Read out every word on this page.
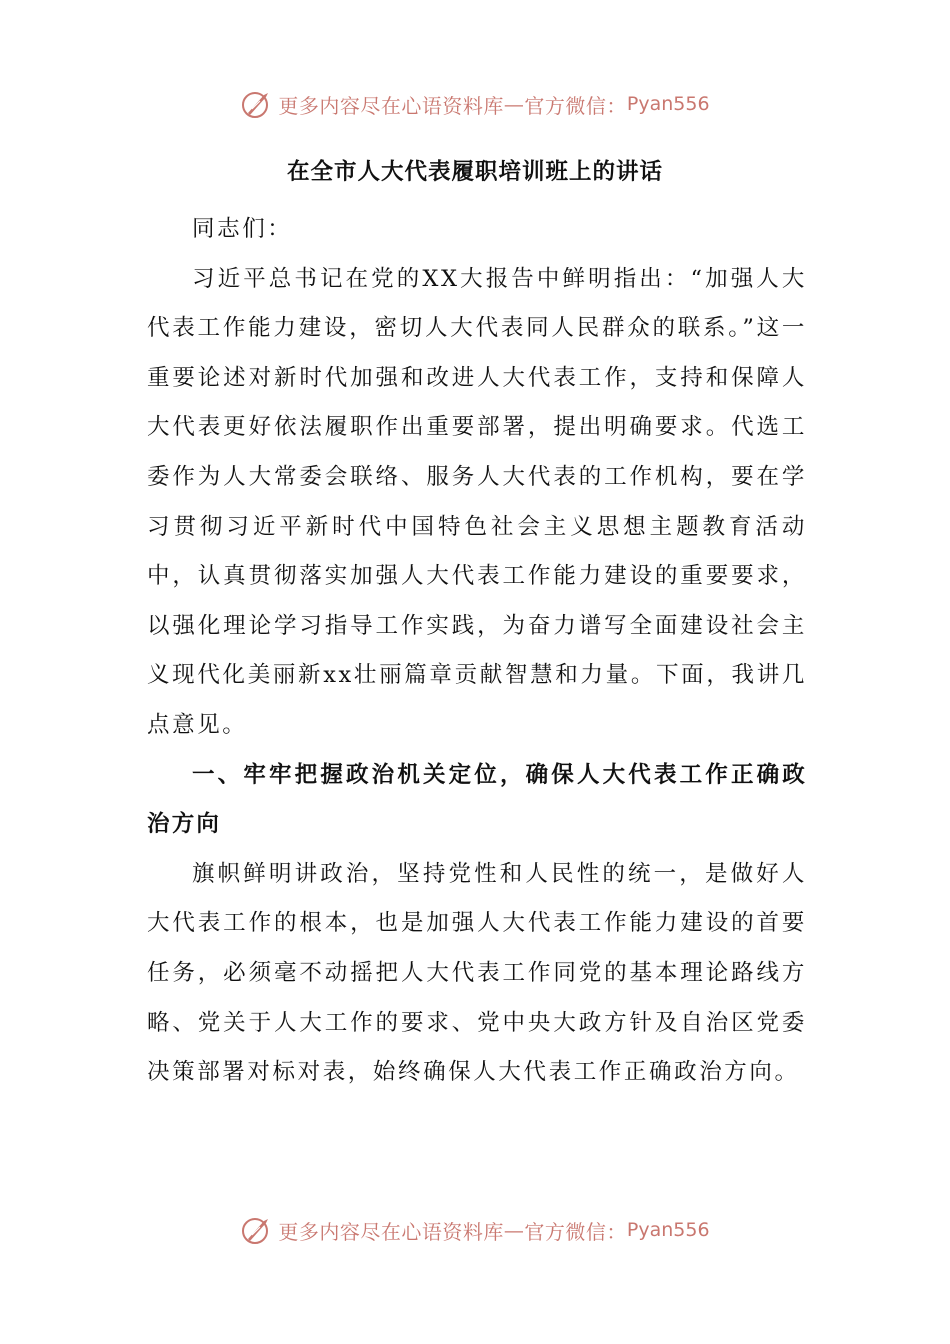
更多内容尽在心语资料库 — 官方微信： Pyan556
在全市人大代表履职培训班上的讲话

同志们：

习近平总书记在党的XX大报告中鲜明指出：“加强人大代表工作能力建设，密切人大代表同人民群众的联系。”这一重要论述对新时代加强和改进人大代表工作，支持和保障人大代表更好依法履职作出重要部署，提出明确要求。代选工委作为人大常委会联络、服务人大代表的工作机构，要在学习贯彻习近平新时代中国特色社会主义思想主题教育活动中，认真贯彻落实加强人大代表工作能力建设的重要要求，以强化理论学习指导工作实践，为奋力谱写全面建设社会主义现代化美丽新xx壮丽篇章贡献智慧和力量。下面，我讲几点意见。

一、牢牢把握政治机关定位，确保人大代表工作正确政治方向

旗帜鲜明讲政治，坚持党性和人民性的统一，是做好人大代表工作的根本，也是加强人大代表工作能力建设的首要任务，必须毫不动摇把人大代表工作同党的基本理论路线方略、党关于人大工作的要求、党中央大政方针及自治区党委决策部署对标对表，始终确保人大代表工作正确政治方向。

更多内容尽在心语资料库 — 官方微信： Pyan556
